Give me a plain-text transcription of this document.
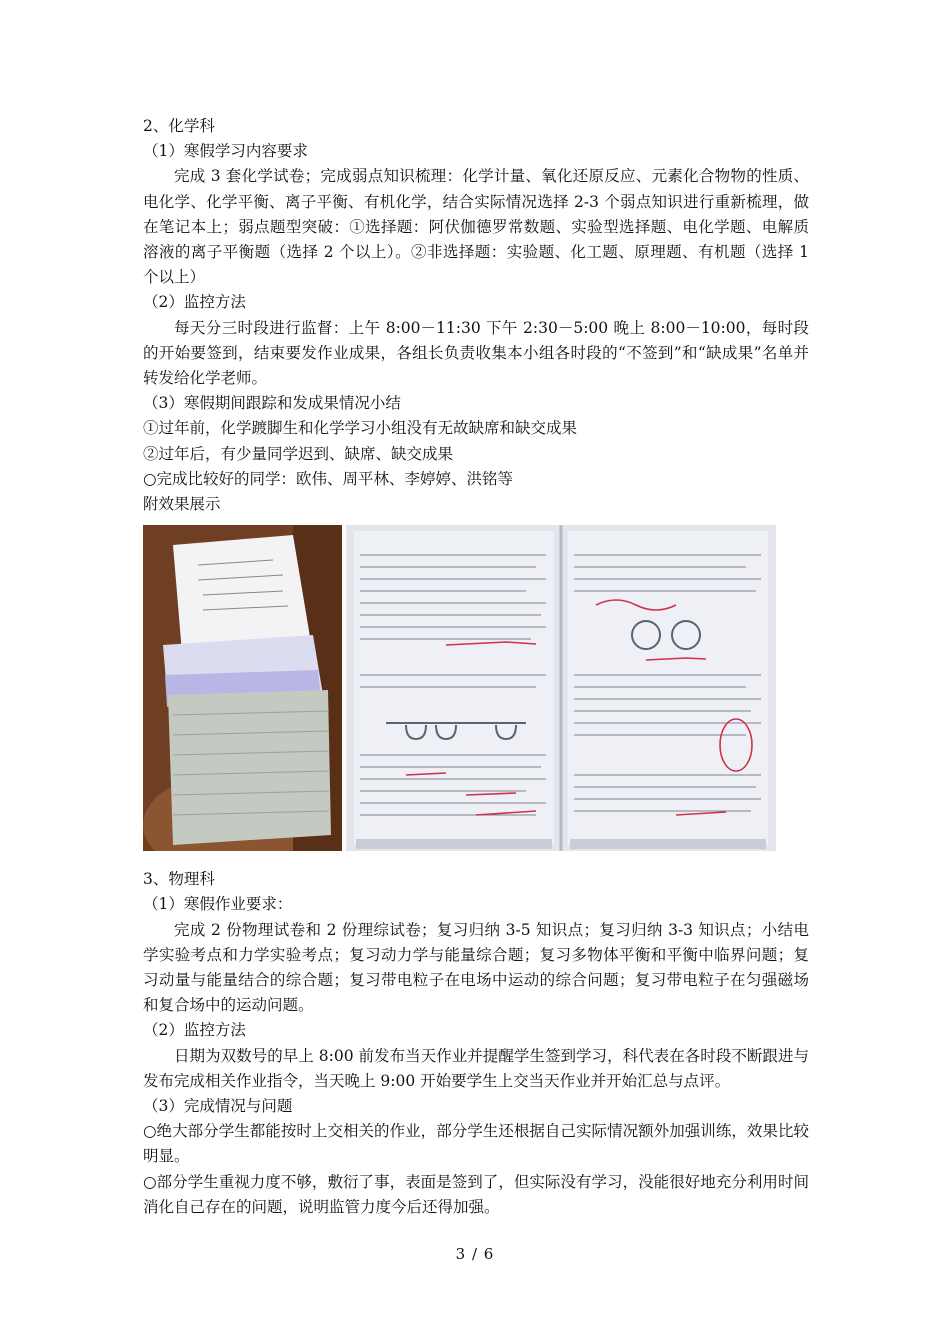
2、化学科
（1）寒假学习内容要求
完成 3 套化学试卷；完成弱点知识梳理：化学计量、氧化还原反应、元素化合物物的性质、电化学、化学平衡、离子平衡、有机化学，结合实际情况选择 2-3 个弱点知识进行重新梳理，做在笔记本上；弱点题型突破：①选择题：阿伏伽德罗常数题、实验型选择题、电化学题、电解质溶液的离子平衡题（选择 2 个以上）。②非选择题：实验题、化工题、原理题、有机题（选择 1 个以上）
（2）监控方法
每天分三时段进行监督：上午 8:00－11:30 下午 2:30－5:00 晚上 8:00－10:00，每时段的开始要签到，结束要发作业成果，各组长负责收集本小组各时段的“不签到”和“缺成果”名单并转发给化学老师。
（3）寒假期间跟踪和发成果情况小结
①过年前，化学踱脚生和化学学习小组没有无故缺席和缺交成果
②过年后，有少量同学迟到、缺席、缺交成果
○完成比较好的同学：欧伟、周平林、李婷婷、洪铭等
附效果展示
3、物理科
（1）寒假作业要求：
完成 2 份物理试卷和 2 份理综试卷；复习归纳 3-5 知识点；复习归纳 3-3 知识点；小结电学实验考点和力学实验考点；复习动力学与能量综合题；复习多物体平衡和平衡中临界问题；复习动量与能量结合的综合题；复习带电粒子在电场中运动的综合问题；复习带电粒子在匀强磁场和复合场中的运动问题。
（2）监控方法
日期为双数号的早上 8:00 前发布当天作业并提醒学生签到学习，科代表在各时段不断跟进与发布完成相关作业指令，当天晚上 9:00 开始要学生上交当天作业并开始汇总与点评。
（3）完成情况与问题
○绝大部分学生都能按时上交相关的作业，部分学生还根据自己实际情况额外加强训练，效果比较明显。
○部分学生重视力度不够，敷衍了事，表面是签到了，但实际没有学习，没能很好地充分利用时间消化自己存在的问题，说明监管力度今后还得加强。
3 / 6
